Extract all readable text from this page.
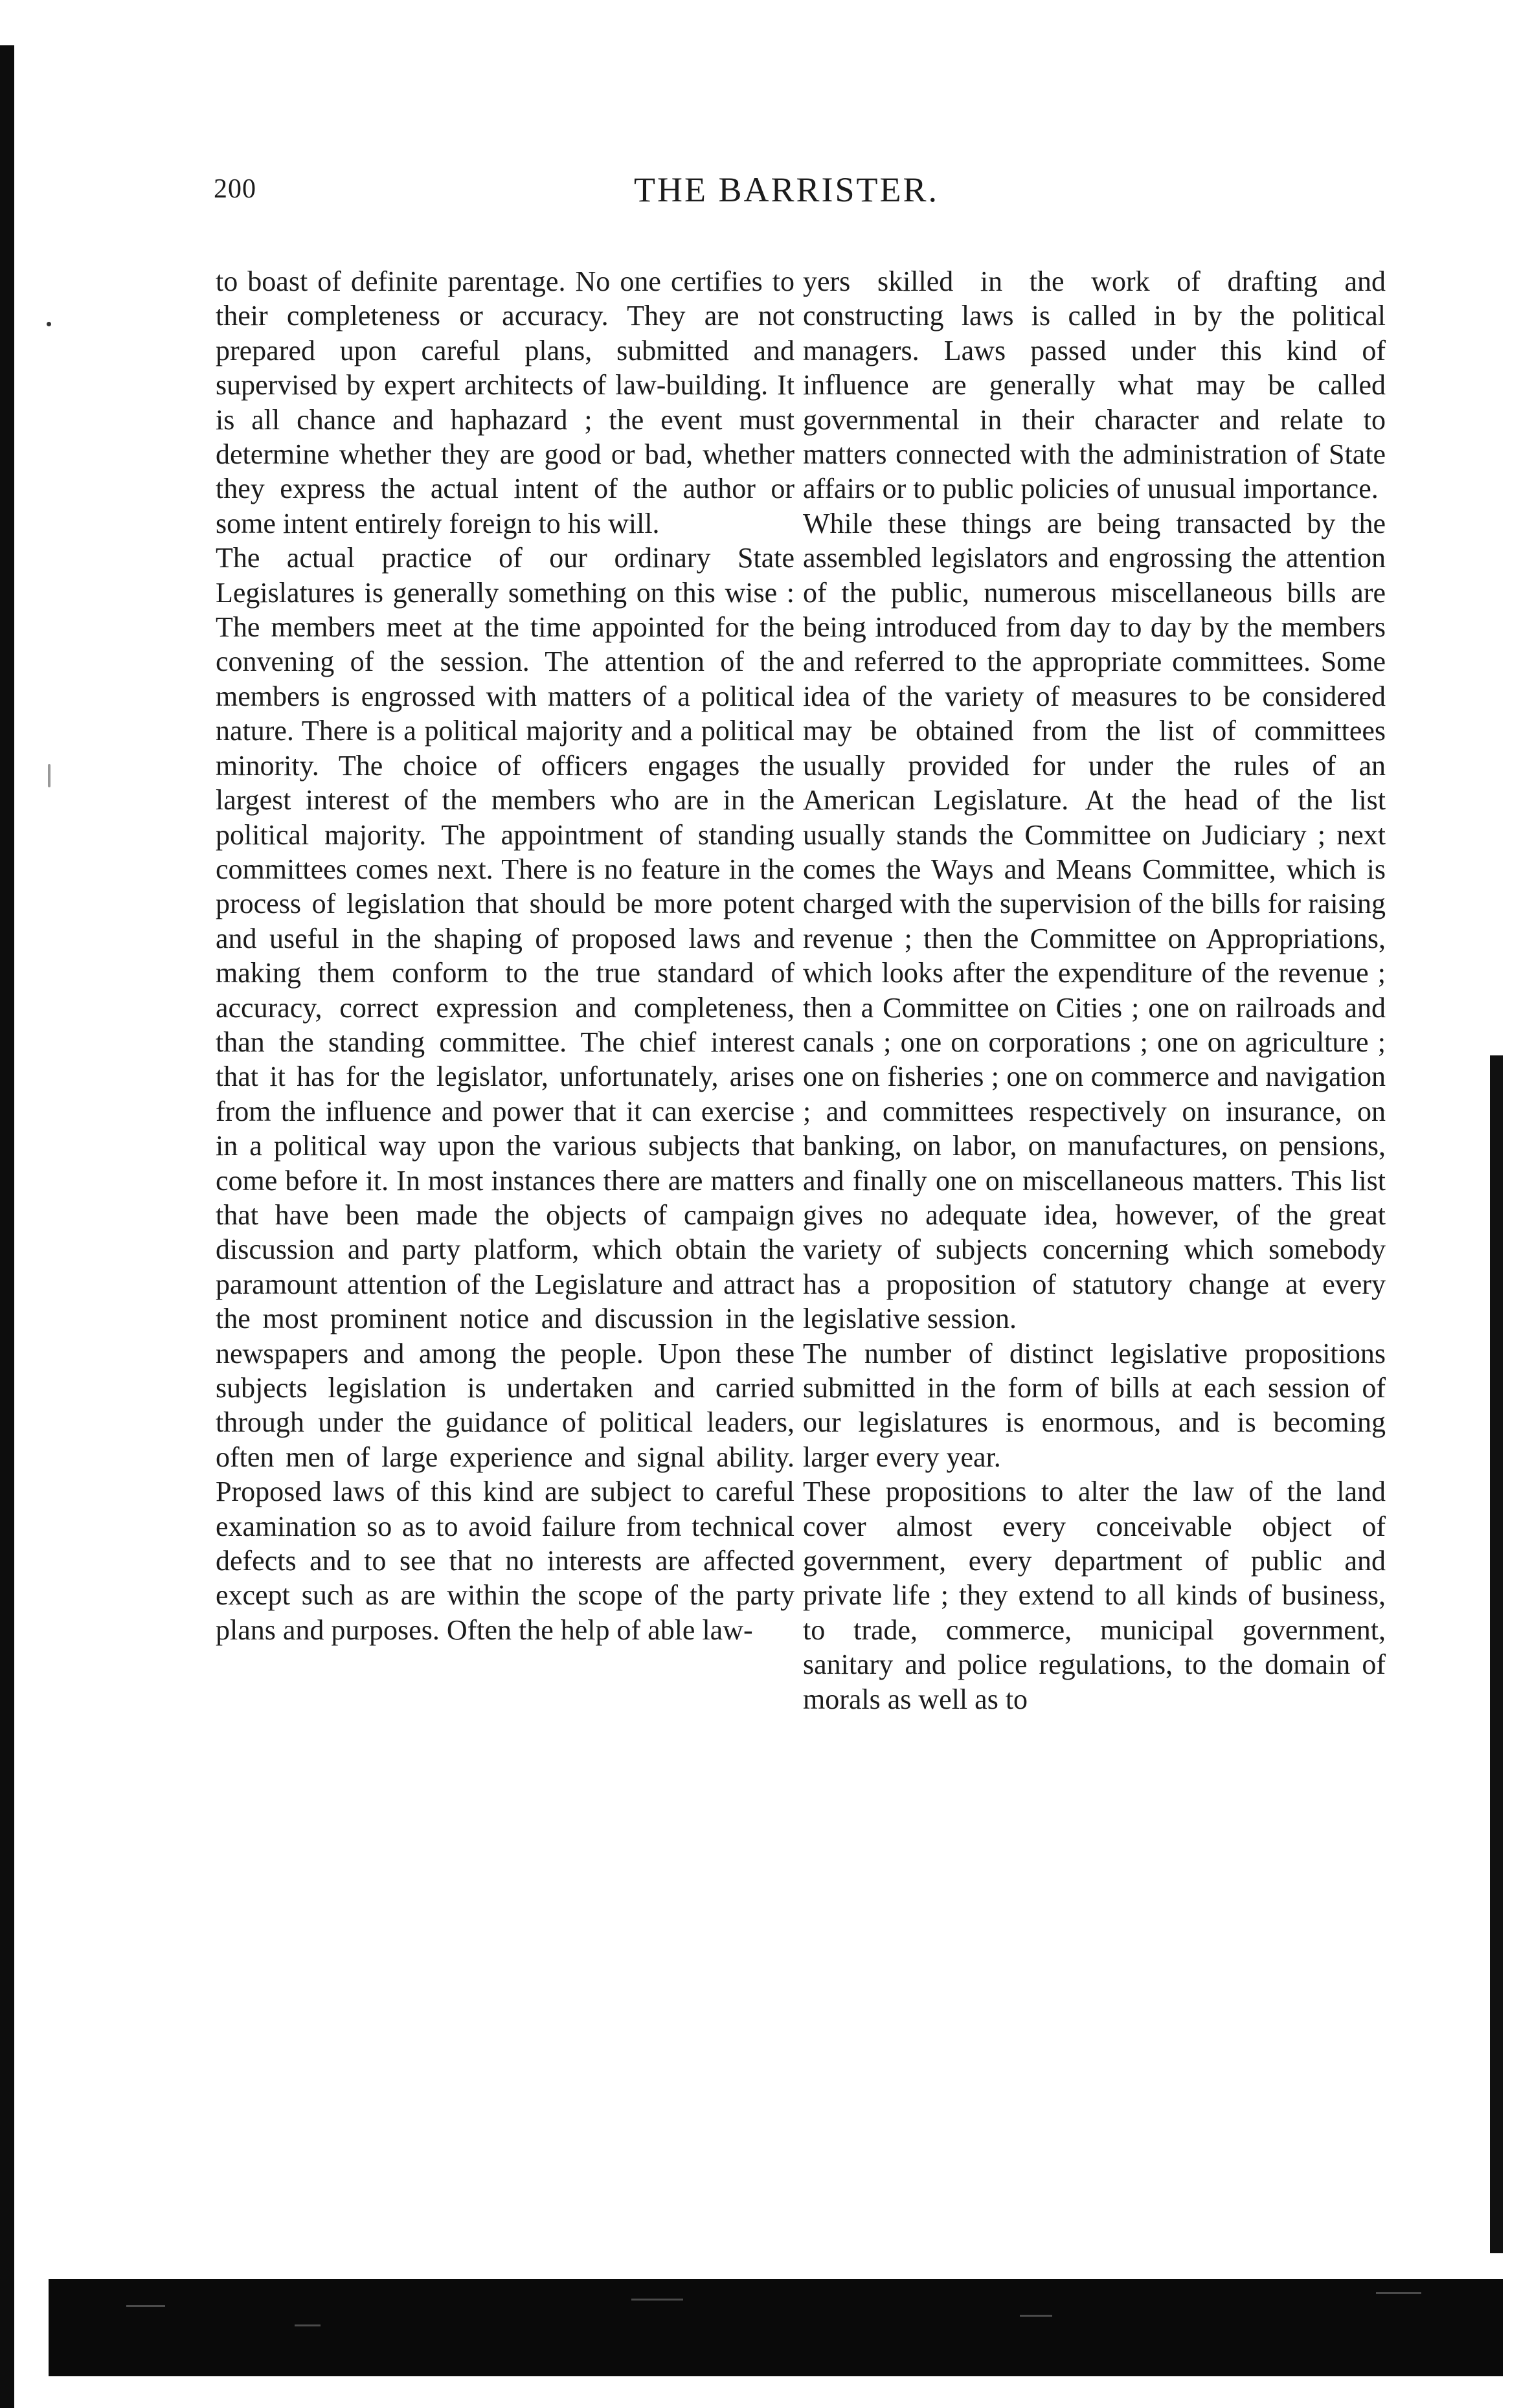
200	THE BARRISTER.

to boast of definite parentage. No one certifies to their completeness or accuracy. They are not prepared upon careful plans, submitted and supervised by expert architects of law-building. It is all chance and haphazard ; the event must determine whether they are good or bad, whether they express the actual intent of the author or some intent entirely foreign to his will.

The actual practice of our ordinary State Legislatures is generally something on this wise : The members meet at the time appointed for the convening of the session. The attention of the members is engrossed with matters of a political nature. There is a political majority and a political minority. The choice of officers engages the largest interest of the members who are in the political majority. The appointment of standing committees comes next. There is no feature in the process of legislation that should be more potent and useful in the shaping of proposed laws and making them conform to the true standard of accuracy, correct expression and completeness, than the standing committee. The chief interest that it has for the legislator, unfortunately, arises from the influence and power that it can exercise in a political way upon the various subjects that come before it. In most instances there are matters that have been made the objects of campaign discussion and party platform, which obtain the paramount attention of the Legislature and attract the most prominent notice and discussion in the newspapers and among the people. Upon these subjects legislation is undertaken and carried through under the guidance of political leaders, often men of large experience and signal ability. Proposed laws of this kind are subject to careful examination so as to avoid failure from technical defects and to see that no interests are affected except such as are within the scope of the party plans and purposes. Often the help of able law-

yers skilled in the work of drafting and constructing laws is called in by the political managers. Laws passed under this kind of influence are generally what may be called governmental in their character and relate to matters connected with the administration of State affairs or to public policies of unusual importance.

While these things are being transacted by the assembled legislators and engrossing the attention of the public, numerous miscellaneous bills are being introduced from day to day by the members and referred to the appropriate committees. Some idea of the variety of measures to be considered may be obtained from the list of committees usually provided for under the rules of an American Legislature. At the head of the list usually stands the Committee on Judiciary ; next comes the Ways and Means Committee, which is charged with the supervision of the bills for raising revenue ; then the Committee on Appropriations, which looks after the expenditure of the revenue ; then a Committee on Cities ; one on railroads and canals ; one on corporations ; one on agriculture ; one on fisheries ; one on commerce and navigation ; and committees respectively on insurance, on banking, on labor, on manufactures, on pensions, and finally one on miscellaneous matters. This list gives no adequate idea, however, of the great variety of subjects concerning which somebody has a proposition of statutory change at every legislative session.

The number of distinct legislative propositions submitted in the form of bills at each session of our legislatures is enormous, and is becoming larger every year.

These propositions to alter the law of the land cover almost every conceivable object of government, every department of public and private life ; they extend to all kinds of business, to trade, commerce, municipal government, sanitary and police regulations, to the domain of morals as well as to
